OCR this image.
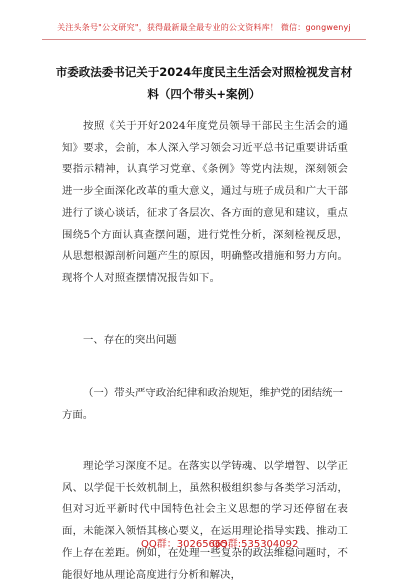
关注头条号"公文研究"，获得最新最全最专业的公文资料库！ 微信：gongwenyj
市委政法委书记关于2024年度民主生活会对照检视发言材
料（四个带头+案例）
按照《关于开好2024年度党员领导干部民主生活会的通知》要求，会前，本人深入学习领会习近平总书记重要讲话重要指示精神，认真学习党章、《条例》等党内法规，深刻领会进一步全面深化改革的重大意义，通过与班子成员和广大干部进行了谈心谈话，征求了各层次、各方面的意见和建议，重点围绕5个方面认真查摆问题，进行党性分析，深刻检视反思，从思想根源剖析问题产生的原因，明确整改措施和努力方向。现将个人对照查摆情况报告如下。
一、存在的突出问题
（一）带头严守政治纪律和政治规矩，维护党的团结统一方面。
理论学习深度不足。在落实以学铸魂、以学增智、以学正风、以学促干长效机制上，虽然积极组织参与各类学习活动，但对习近平新时代中国特色社会主义思想的学习还停留在表面，未能深入领悟其核心要义，在运用理论指导实践、推动工作上存在差距。例如，在处理一些复杂的政法维稳问题时，不能很好地从理论高度进行分析和解决，
QQ群：30265665
QQ群:535304092
